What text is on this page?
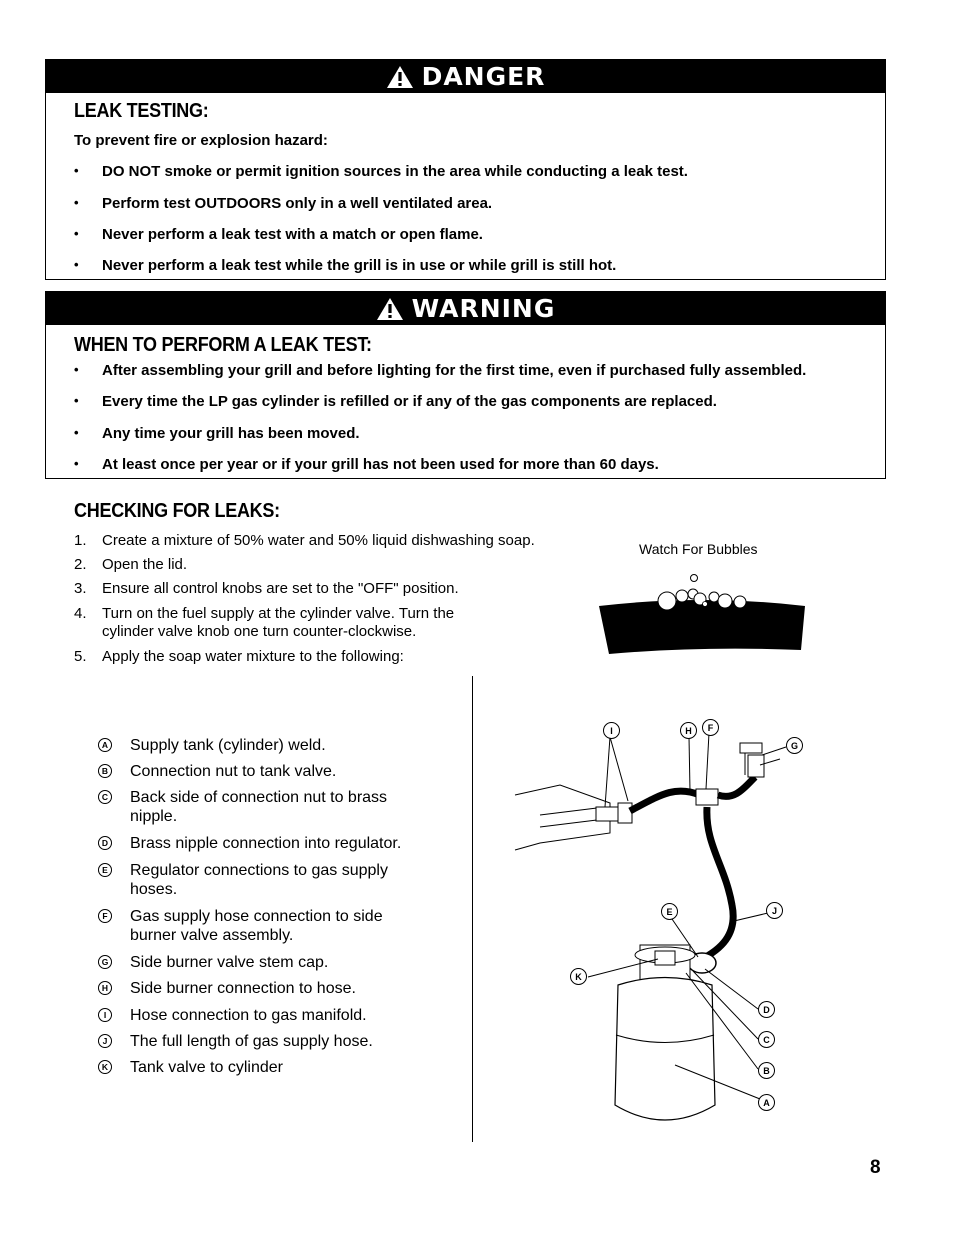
DANGER
LEAK TESTING:
To prevent fire or explosion hazard:
• DO NOT smoke or permit ignition sources in the area while conducting a leak test.
• Perform test OUTDOORS only in a well ventilated area.
• Never perform a leak test with a match or open flame.
• Never perform a leak test while the grill is in use or while grill is still hot.
WARNING
WHEN TO PERFORM A LEAK TEST:
• After assembling your grill and before lighting for the first time, even if purchased fully assembled.
• Every time the LP gas cylinder is refilled or if any of the gas components are replaced.
• Any time your grill has been moved.
• At least once per year or if your grill has not been used for more than 60 days.
CHECKING FOR LEAKS:
1. Create a mixture of 50% water and 50% liquid dishwashing soap.
2. Open the lid.
3. Ensure all control knobs are set to the "OFF" position.
4. Turn on the fuel supply at the cylinder valve. Turn the cylinder valve knob one turn counter-clockwise.
5. Apply the soap water mixture to the following:
Watch For Bubbles
A Supply tank (cylinder) weld.
B Connection nut to tank valve.
C Back side of connection nut to brass nipple.
D Brass nipple connection into regulator.
E Regulator connections to gas supply hoses.
F Gas supply hose connection to side burner valve assembly.
G Side burner valve stem cap.
H Side burner connection to hose.
I	Hose connection to gas manifold.
J The full length of gas supply hose.
K Tank valve to cylinder
I	H	F
G
E	J
K
D
C
B
A
8
